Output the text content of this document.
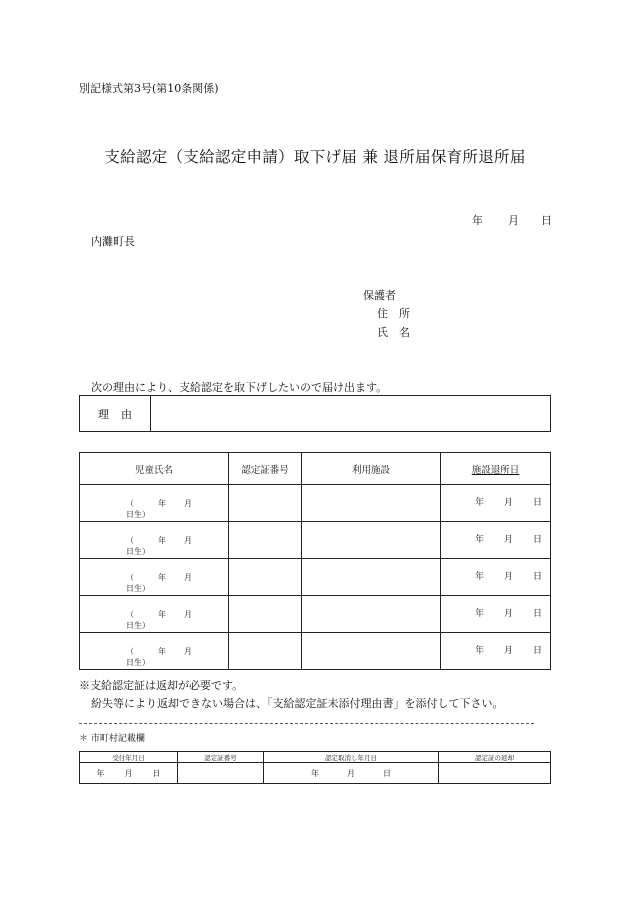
別記様式第3号(第10条関係)
支給認定（支給認定申請）取下げ届 兼 退所届保育所退所届
年 月 日
内灘町長
保護者
住　所
氏　名
次の理由により、支給認定を取下げしたいので届け出ます。
理由	
児童氏名	認定証番号	利用施設	施設退所日

（ 年 月日生）			年 月 日

（ 年 月日生）			年 月 日

（ 年 月日生）			年 月 日

（ 年 月日生）			年 月 日

（ 年 月日生）			年 月 日
※支給認定証は返却が必要です。
紛失等により返却できない場合は、「支給認定証未添付理由書」を添付して下さい。
＊ 市町村記載欄
受付年月日	認定証番号	認定取消し年月日	認定証の返却
年 月 日		年 月 日	
